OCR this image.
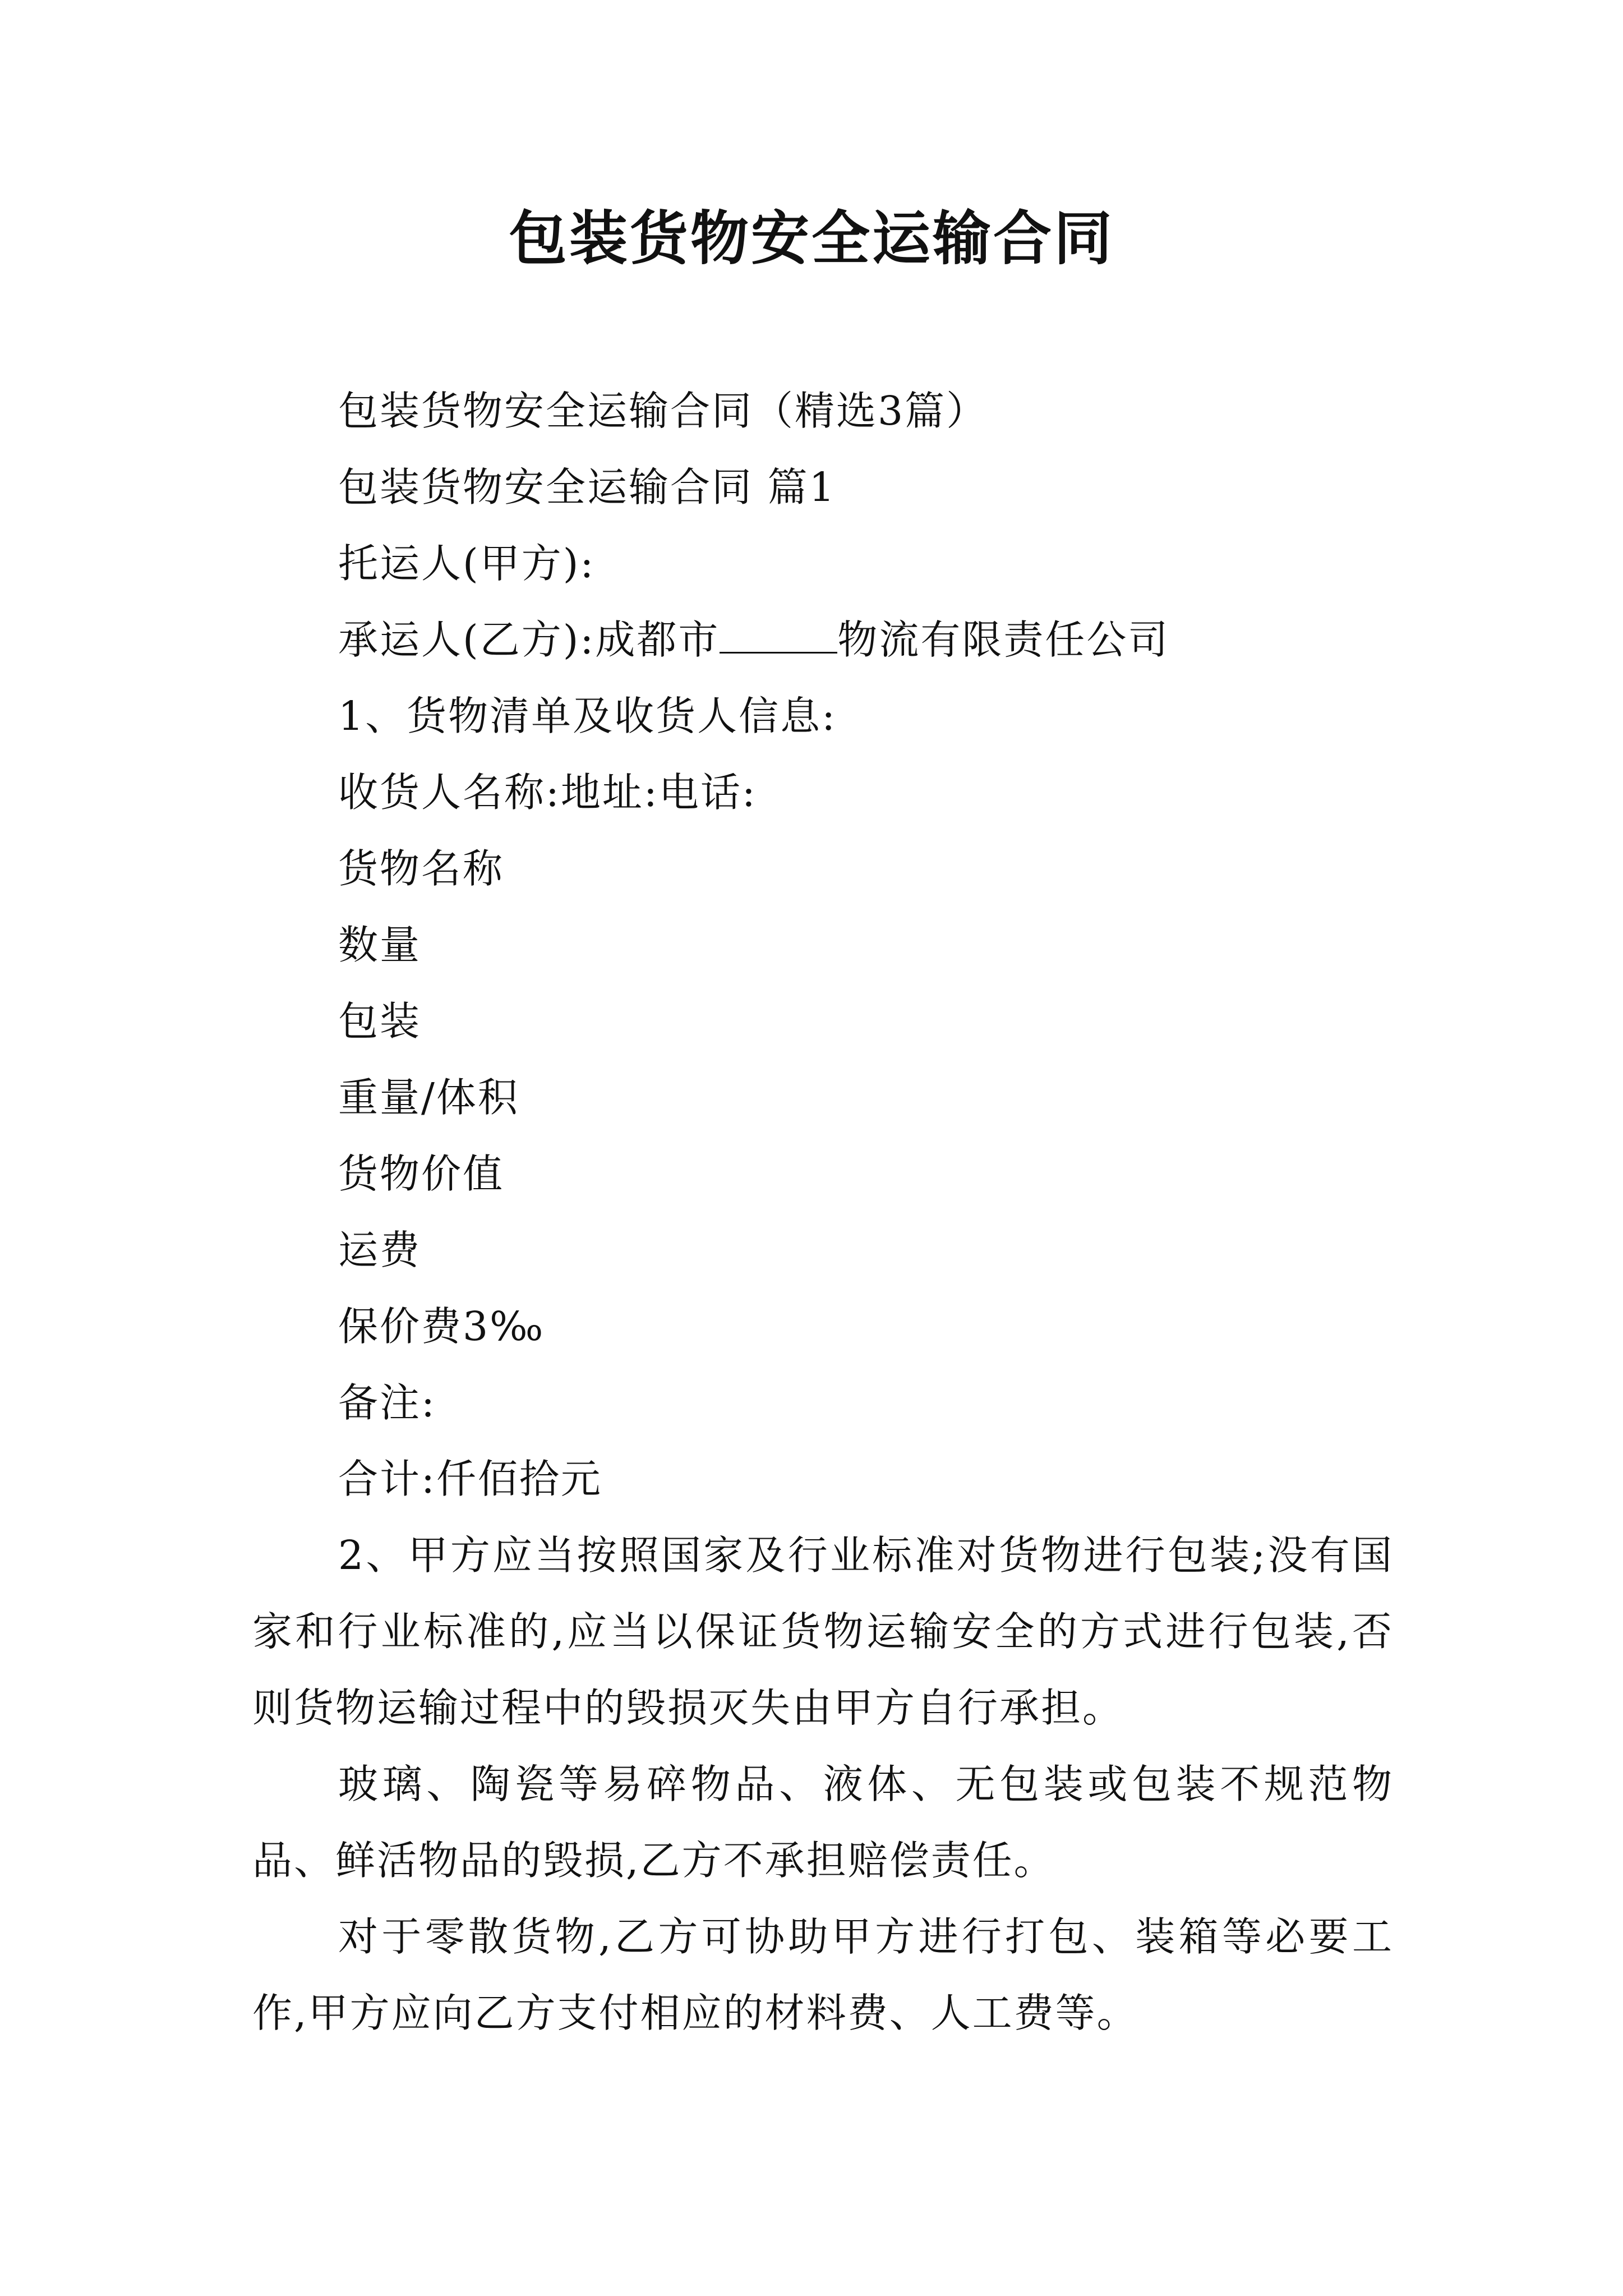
包装货物安全运输合同

包装货物安全运输合同（精选3篇）

包装货物安全运输合同 篇1

托运人(甲方):

承运人(乙方):成都市	物流有限责任公司

1、货物清单及收货人信息:

收货人名称:地址:电话:

货物名称

数量

包装

重量/体积

货物价值

运费

保价费3‰

备注:

合计:仟佰拾元

2、甲方应当按照国家及行业标准对货物进行包装;没有国家和行业标准的,应当以保证货物运输安全的方式进行包装,否则货物运输过程中的毁损灭失由甲方自行承担。

玻璃、陶瓷等易碎物品、液体、无包装或包装不规范物品、鲜活物品的毁损,乙方不承担赔偿责任。

对于零散货物,乙方可协助甲方进行打包、装箱等必要工作,甲方应向乙方支付相应的材料费、人工费等。
